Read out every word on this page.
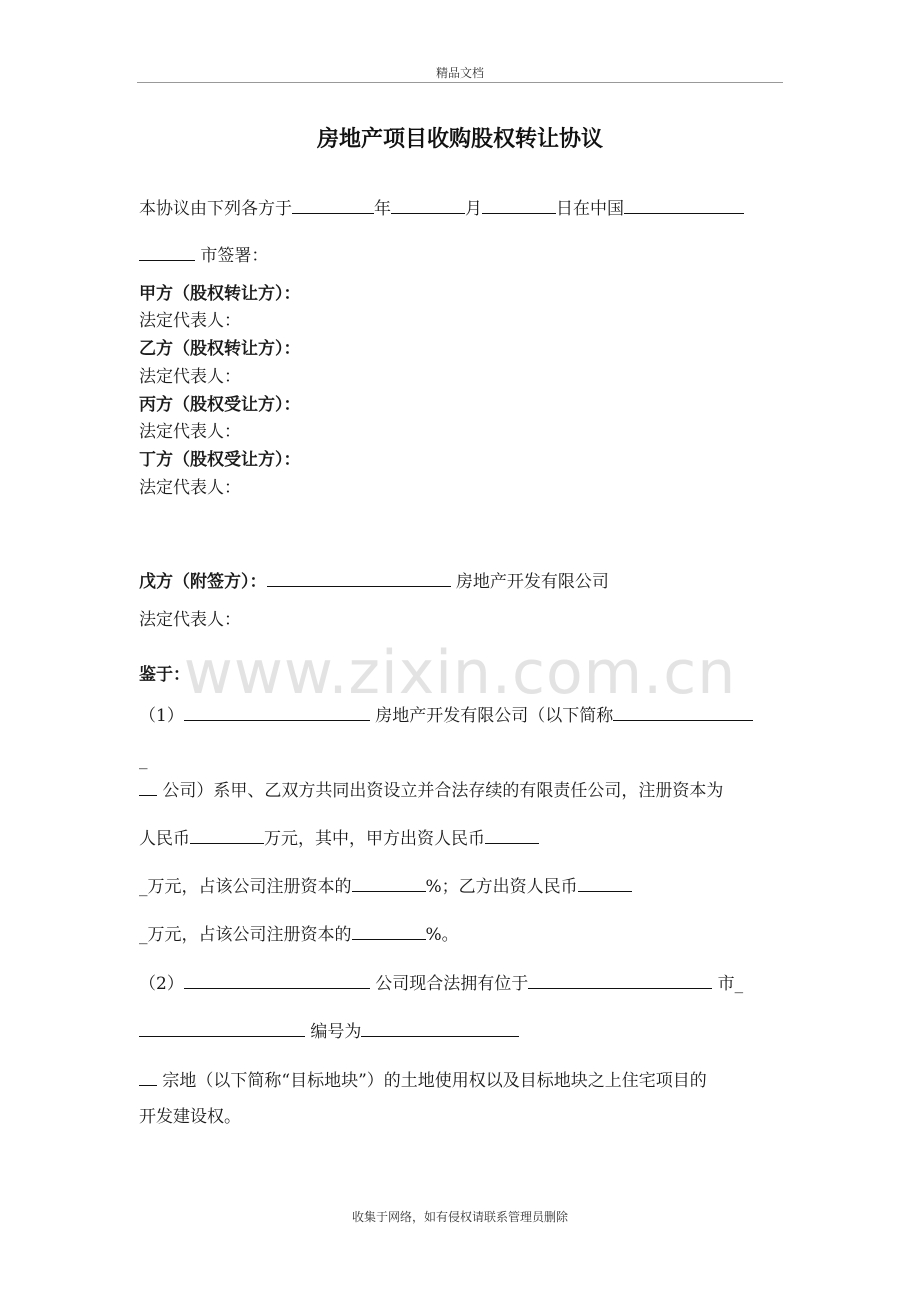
精品文档
www.zixin.com.cn
房地产项目收购股权转让协议
本协议由下列各方于	年	月	日在中国
市签署：
甲方（股权转让方）：
法定代表人：
乙方（股权转让方）：
法定代表人：
丙方（股权受让方）：
法定代表人：
丁方（股权受让方）：
法定代表人：
戊方（附签方）：	房地产开发有限公司
法定代表人：
鉴于：
（1）	房地产开发有限公司（以下简称
_
公司）系甲、乙双方共同出资设立并合法存续的有限责任公司，注册资本为
人民币	万元，其中，甲方出资人民币
_万元，占该公司注册资本的	%；乙方出资人民币
_万元，占该公司注册资本的	%。
（2）	公司现合法拥有位于	市_
编号为
宗地（以下简称“目标地块”）的土地使用权以及目标地块之上住宅项目的
开发建设权。
收集于网络，如有侵权请联系管理员删除
